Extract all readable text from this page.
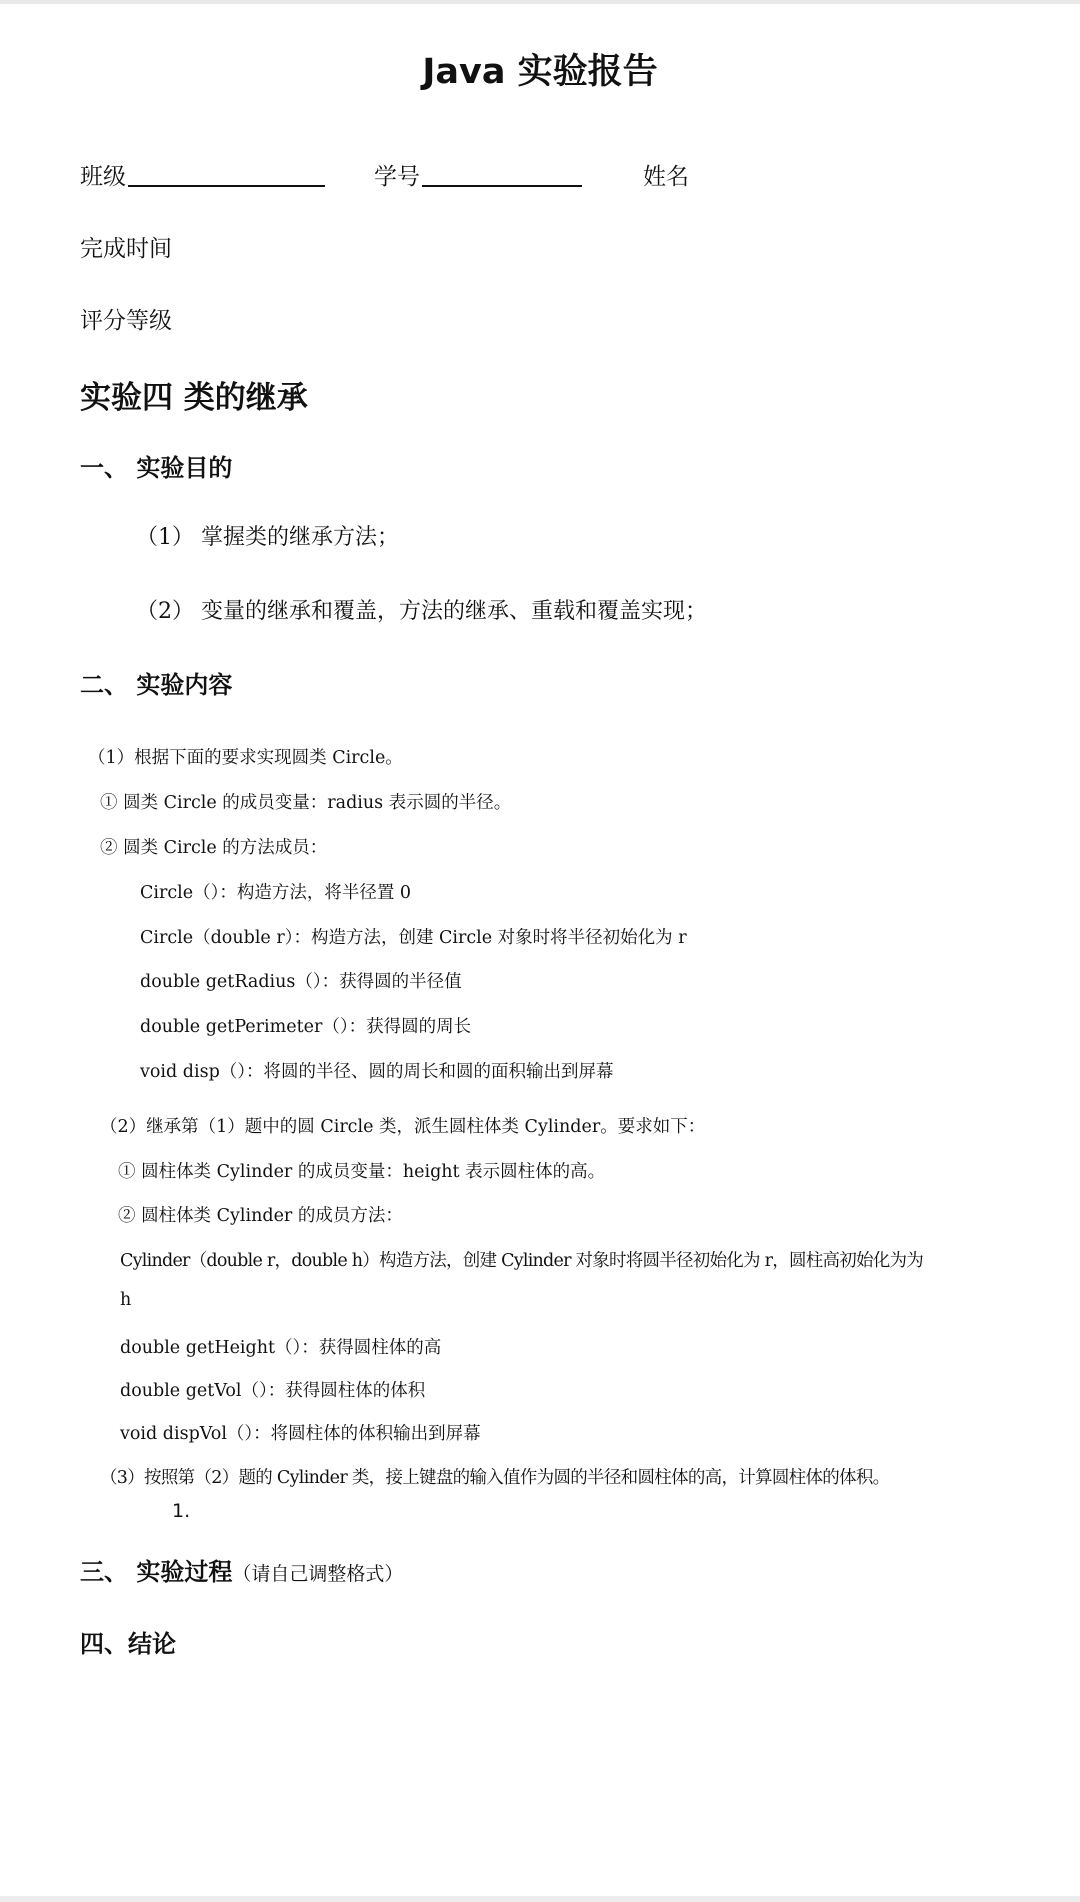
Java 实验报告
班级	学号	姓名
完成时间
评分等级
实验四 类的继承
一、 实验目的
（1） 掌握类的继承方法；
（2） 变量的继承和覆盖，方法的继承、重载和覆盖实现；
二、 实验内容
（1）根据下面的要求实现圆类 Circle。
① 圆类 Circle 的成员变量：radius 表示圆的半径。
② 圆类 Circle 的方法成员：
Circle（）：构造方法，将半径置 0
Circle（double r）：构造方法，创建 Circle 对象时将半径初始化为 r
double getRadius（）：获得圆的半径值
double getPerimeter（）：获得圆的周长
void disp（）：将圆的半径、圆的周长和圆的面积输出到屏幕
（2）继承第（1）题中的圆 Circle 类，派生圆柱体类 Cylinder。要求如下：
① 圆柱体类 Cylinder 的成员变量：height 表示圆柱体的高。
② 圆柱体类 Cylinder 的成员方法：
Cylinder（double r，double h）构造方法，创建 Cylinder 对象时将圆半径初始化为 r，圆柱高初始化为为
h
double getHeight（）：获得圆柱体的高
double getVol（）：获得圆柱体的体积
void dispVol（）：将圆柱体的体积输出到屏幕
（3）按照第（2）题的 Cylinder 类，接上键盘的输入值作为圆的半径和圆柱体的高，计算圆柱体的体积。
1.
三、 实验过程（请自己调整格式）
四、结论
